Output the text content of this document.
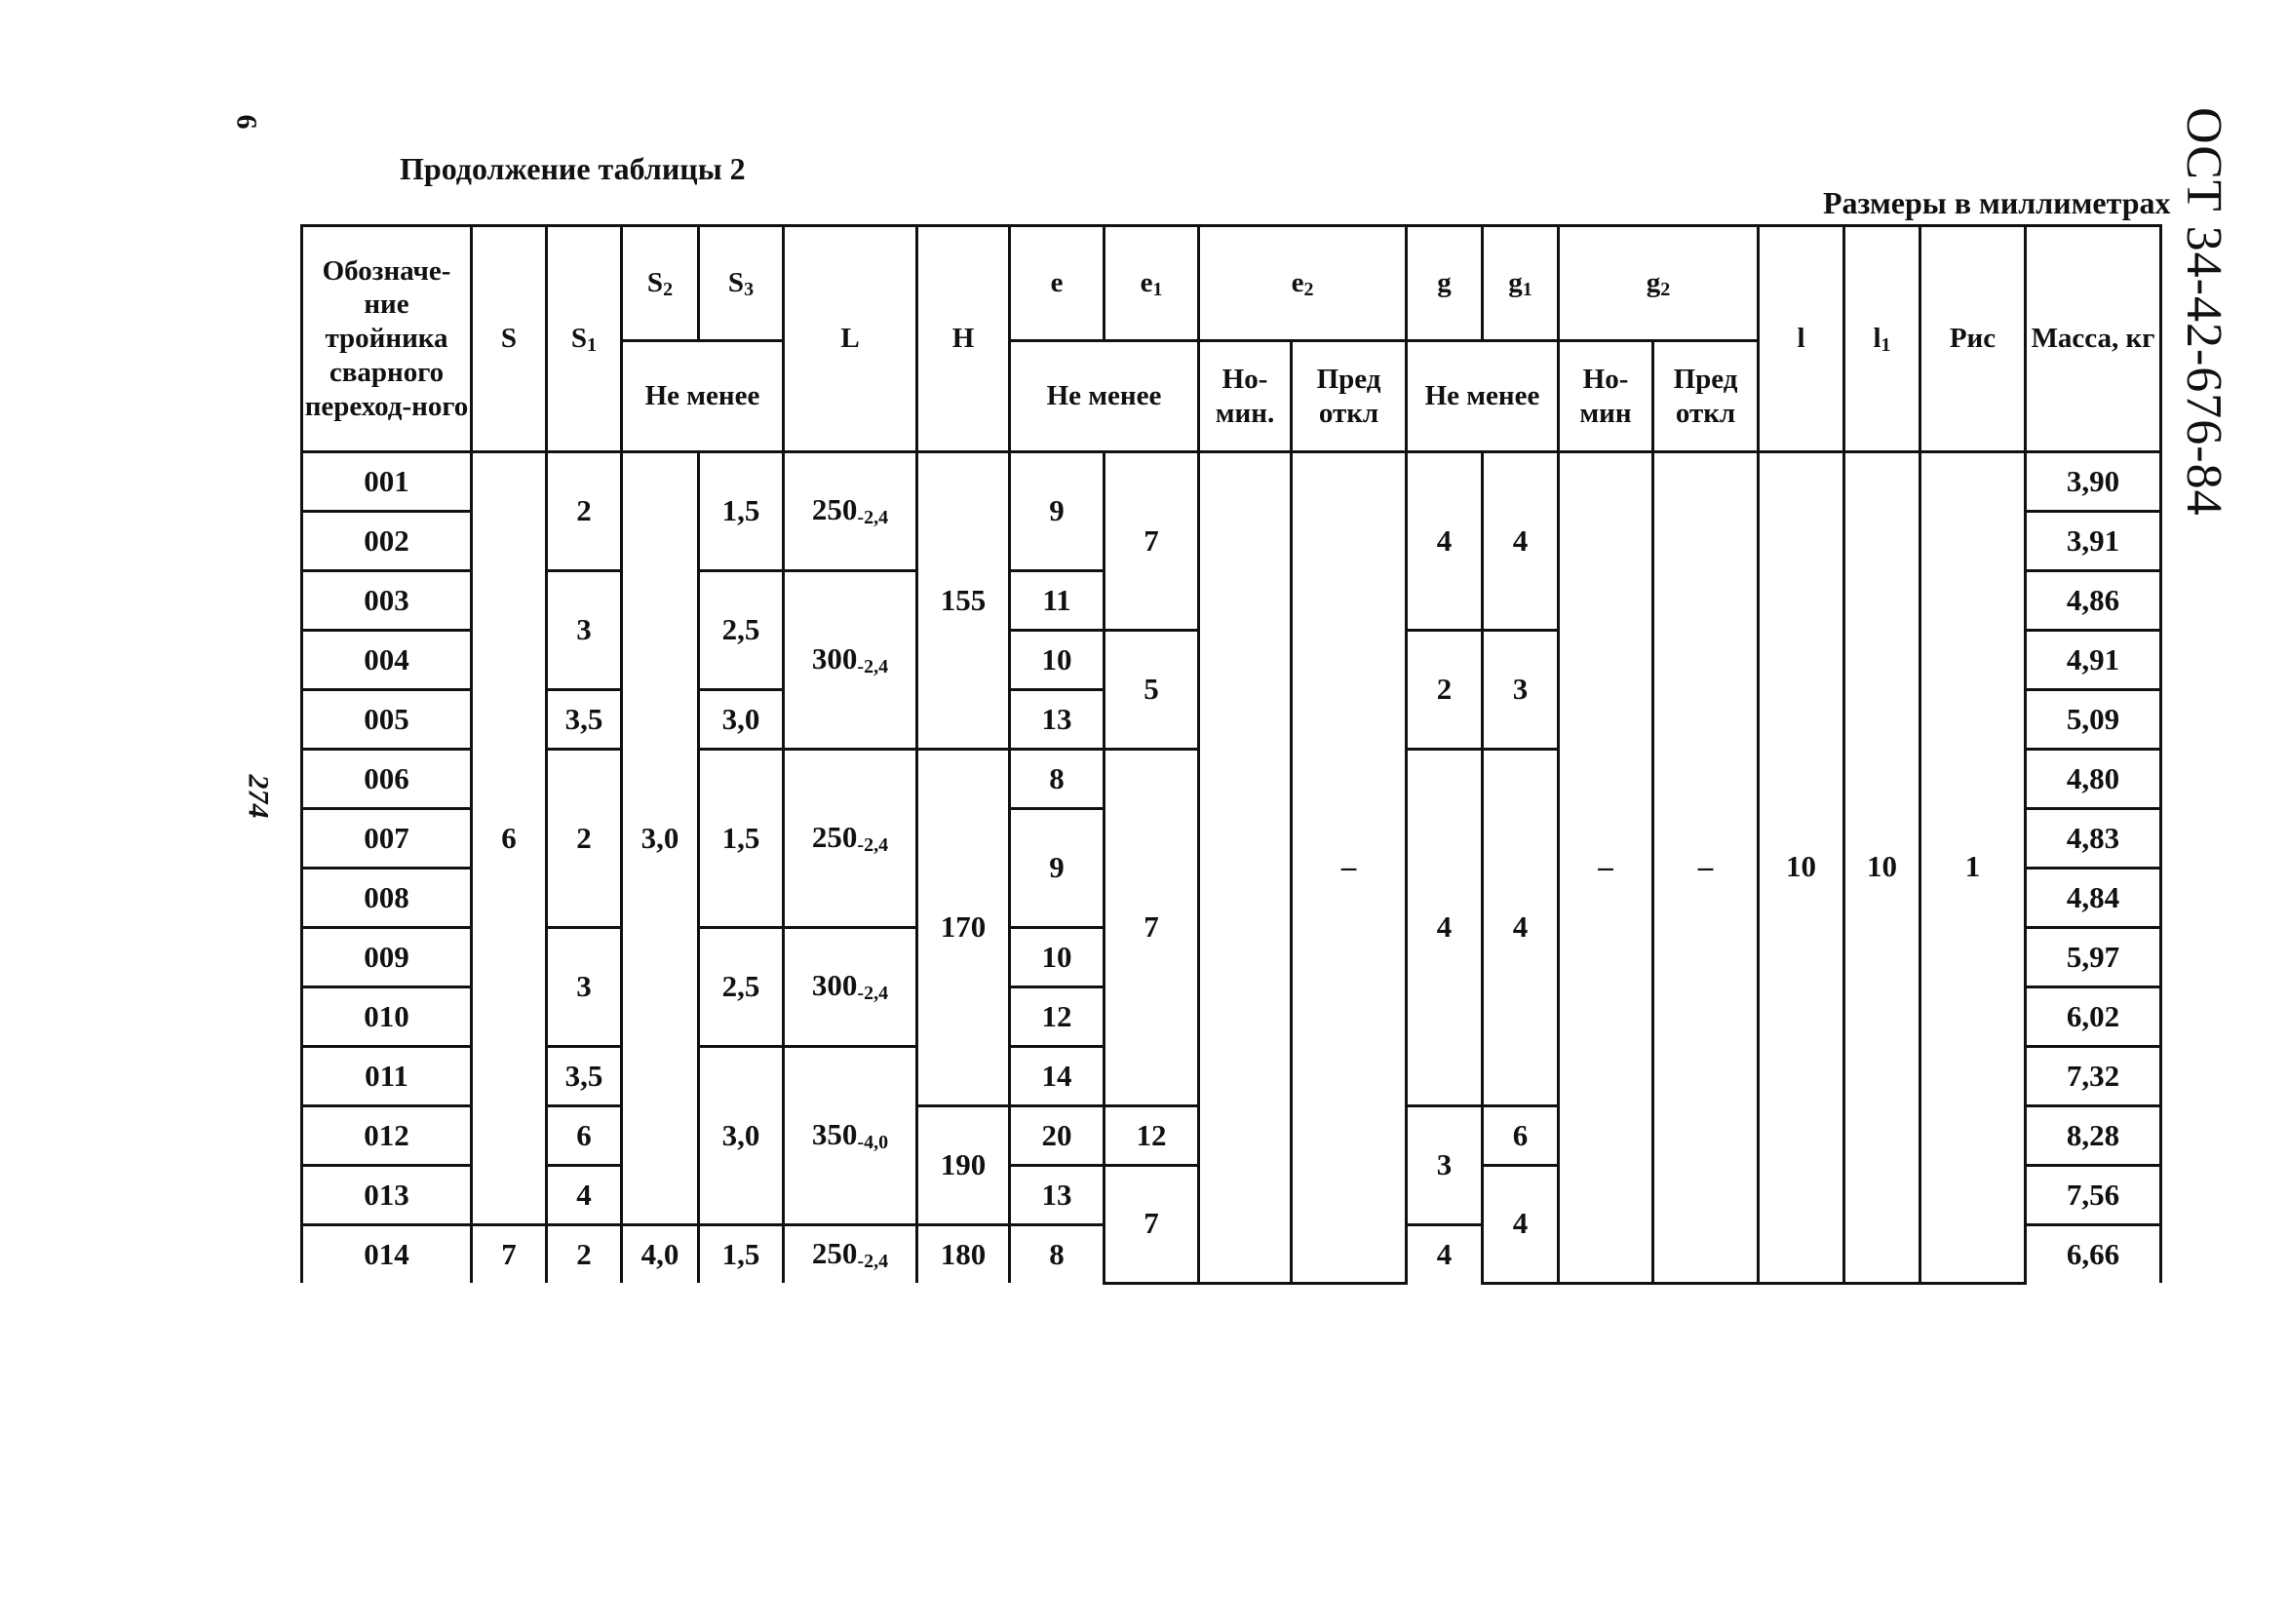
6
274
ОСТ 34-42-676-84
Продолжение таблицы 2
Размеры в миллиметрах
Обозначе-ние тройника сварного переход-ного	S	$S_1$	$S_2$	$S_3$	L	H	e	$e_1$	$e_2$		g	$g_1$	$g_2$		l	$l_1$	Рис	Масса, кг
			Не менее				Не менее		Но-мин.	Пред откл	Не менее		Но-мин	Пред откл				
001	6	2	3,0	1,5	$250_{-2,4}$	155	9	7		–	4	4	–	–	10	10	1	3,90
002																		3,91
003		3		2,5	$300_{-2,4}$		11											4,86
004							10	5			2	3						4,91
005		3,5		3,0			13											5,09
006		2		1,5	$250_{-2,4}$	170	8	7			4	4						4,80
007							9											4,83
008																		4,84
009		3		2,5	$300_{-2,4}$		10											5,97
010							12											6,02
011		3,5		3,0	$350_{-4,0}$		14											7,32
012		6				190	20	12			3	6						8,28
013		4					13	7				4						7,56
014	7	2	4,0	1,5	$250_{-2,4}$	180	8				4							6,66
